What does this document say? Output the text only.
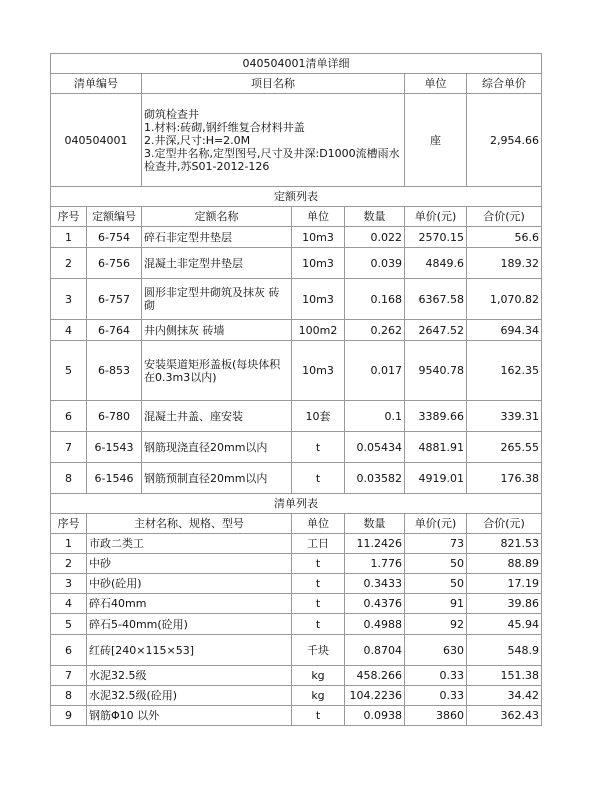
040504001清单详细						
清单编号		项目名称			单位	综合单价
040504001		砌筑检查井
1.材料:砖砌,钢纤维复合材料井盖
2.井深,尺寸:H=2.0M
3.定型井名称,定型图号,尺寸及井深:D1000流槽雨水检查井,苏S01-2012-126			座	2,954.66
定额列表						
序号	定额编号	定额名称	单位	数量	单价(元)	合价(元)
1	6-754	碎石非定型井垫层	10m3	0.022	2570.15	56.6
2	6-756	混凝土非定型井垫层	10m3	0.039	4849.6	189.32
3	6-757	圆形非定型井砌筑及抹灰 砖砌	10m3	0.168	6367.58	1,070.82
4	6-764	井内侧抹灰 砖墙	100m2	0.262	2647.52	694.34
5	6-853	安装渠道矩形盖板(每块体积在0.3m3以内)	10m3	0.017	9540.78	162.35
6	6-780	混凝土井盖、座安装	10套	0.1	3389.66	339.31
7	6-1543	钢筋现浇直径20mm以内	t	0.05434	4881.91	265.55
8	6-1546	钢筋预制直径20mm以内	t	0.03582	4919.01	176.38
清单列表						
序号	主材名称、规格、型号		单位	数量	单价(元)	合价(元)
1	市政二类工		工日	11.2426	73	821.53
2	中砂		t	1.776	50	88.89
3	中砂(砼用)		t	0.3433	50	17.19
4	碎石40mm		t	0.4376	91	39.86
5	碎石5-40mm(砼用)		t	0.4988	92	45.94
6	红砖[240×115×53]		千块	0.8704	630	548.9
7	水泥32.5级		kg	458.266	0.33	151.38
8	水泥32.5级(砼用)		kg	104.2236	0.33	34.42
9	钢筋Φ10 以外		t	0.0938	3860	362.43
